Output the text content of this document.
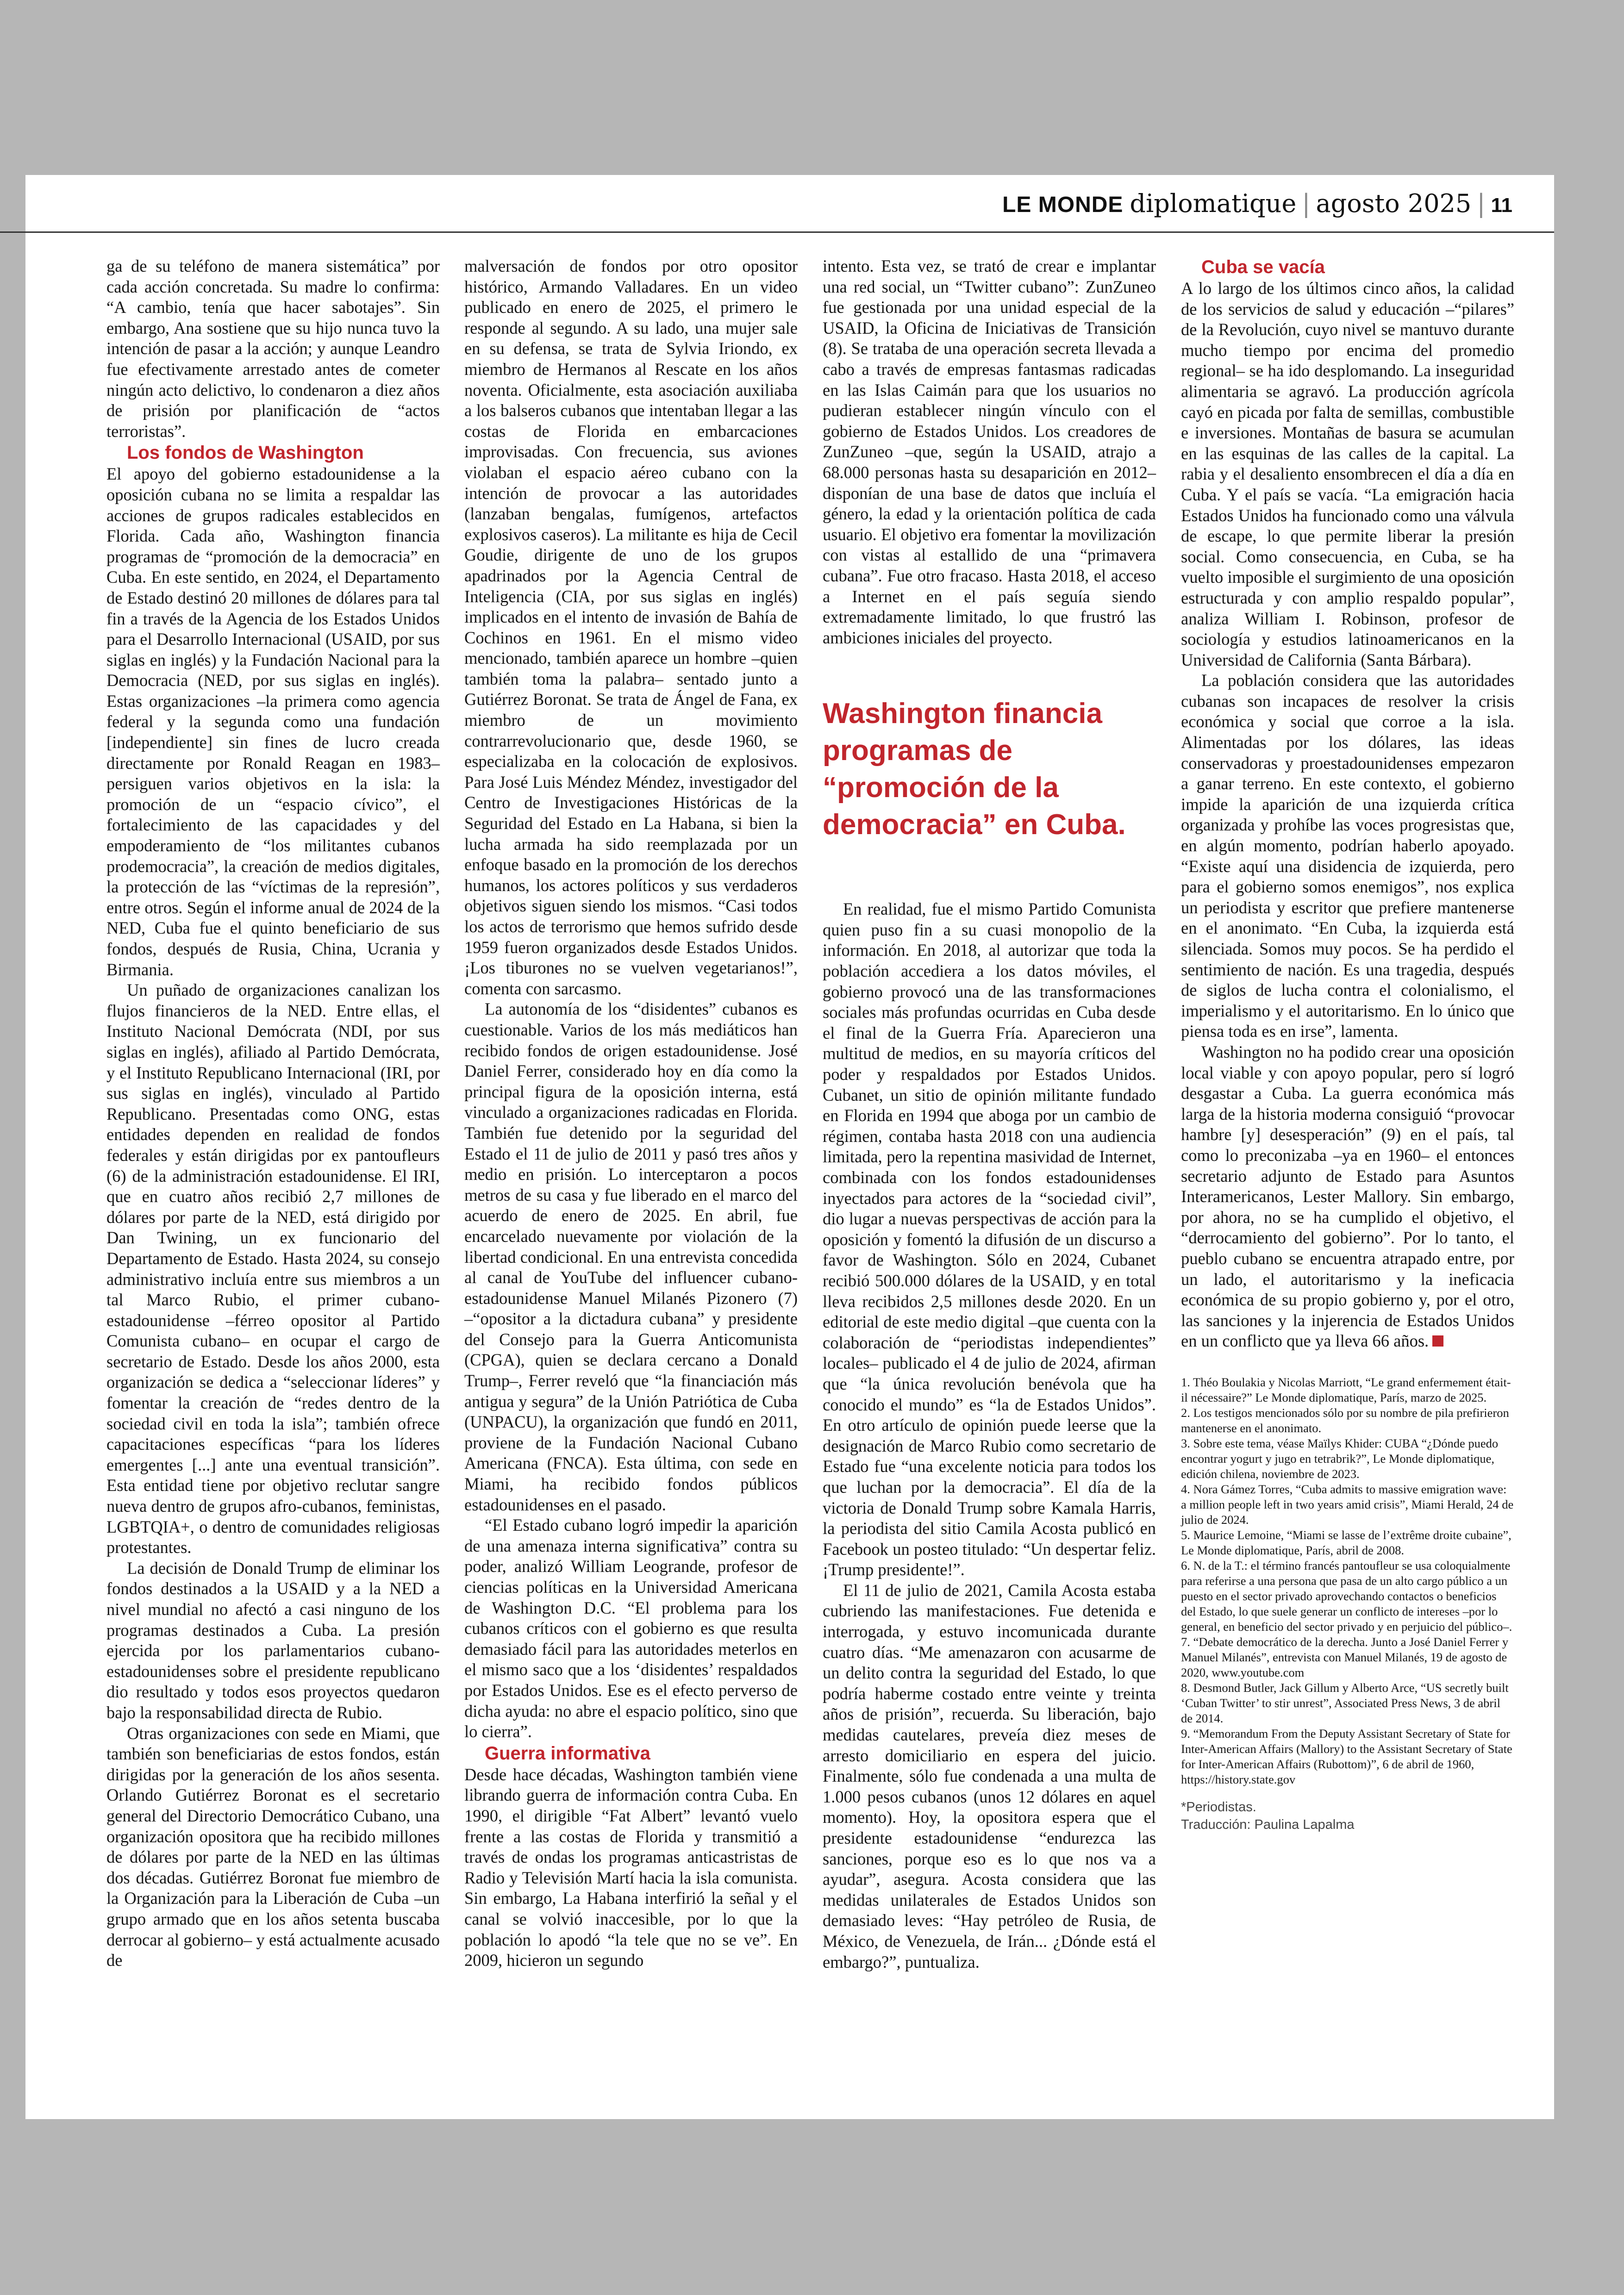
LE MONDE diplomatique | agosto 2025 | 11

ga de su teléfono de manera sistemática” por cada acción concretada. Su madre lo confirma: “A cambio, tenía que hacer sabotajes”. Sin embargo, Ana sostiene que su hijo nunca tuvo la intención de pasar a la acción; y aunque Leandro fue efectivamente arrestado antes de cometer ningún acto delictivo, lo condenaron a diez años de prisión por planificación de “actos terroristas”.

Los fondos de Washington

El apoyo del gobierno estadounidense a la oposición cubana no se limita a respaldar las acciones de grupos radicales establecidos en Florida. Cada año, Washington financia programas de “promoción de la democracia” en Cuba. En este sentido, en 2024, el Departamento de Estado destinó 20 millones de dólares para tal fin a través de la Agencia de los Estados Unidos para el Desarrollo Internacional (USAID, por sus siglas en inglés) y la Fundación Nacional para la Democracia (NED, por sus siglas en inglés). Estas organizaciones –la primera como agencia federal y la segunda como una fundación [independiente] sin fines de lucro creada directamente por Ronald Reagan en 1983– persiguen varios objetivos en la isla: la promoción de un “espacio cívico”, el fortalecimiento de las capacidades y del empoderamiento de “los militantes cubanos prodemocracia”, la creación de medios digitales, la protección de las “víctimas de la represión”, entre otros. Según el informe anual de 2024 de la NED, Cuba fue el quinto beneficiario de sus fondos, después de Rusia, China, Ucrania y Birmania.

Un puñado de organizaciones canalizan los flujos financieros de la NED. Entre ellas, el Instituto Nacional Demócrata (NDI, por sus siglas en inglés), afiliado al Partido Demócrata, y el Instituto Republicano Internacional (IRI, por sus siglas en inglés), vinculado al Partido Republicano. Presentadas como ONG, estas entidades dependen en realidad de fondos federales y están dirigidas por ex pantoufleurs (6) de la administración estadounidense. El IRI, que en cuatro años recibió 2,7 millones de dólares por parte de la NED, está dirigido por Dan Twining, un ex funcionario del Departamento de Estado. Hasta 2024, su consejo administrativo incluía entre sus miembros a un tal Marco Rubio, el primer cubano-estadounidense –férreo opositor al Partido Comunista cubano– en ocupar el cargo de secretario de Estado. Desde los años 2000, esta organización se dedica a “seleccionar líderes” y fomentar la creación de “redes dentro de la sociedad civil en toda la isla”; también ofrece capacitaciones específicas “para los líderes emergentes [...] ante una eventual transición”. Esta entidad tiene por objetivo reclutar sangre nueva dentro de grupos afro-cubanos, feministas, LGBTQIA+, o dentro de comunidades religiosas protestantes.

La decisión de Donald Trump de eliminar los fondos destinados a la USAID y a la NED a nivel mundial no afectó a casi ninguno de los programas destinados a Cuba. La presión ejercida por los parlamentarios cubano-estadounidenses sobre el presidente republicano dio resultado y todos esos proyectos quedaron bajo la responsabilidad directa de Rubio.

Otras organizaciones con sede en Miami, que también son beneficiarias de estos fondos, están dirigidas por la generación de los años sesenta. Orlando Gutiérrez Boronat es el secretario general del Directorio Democrático Cubano, una organización opositora que ha recibido millones de dólares por parte de la NED en las últimas dos décadas. Gutiérrez Boronat fue miembro de la Organización para la Liberación de Cuba –un grupo armado que en los años setenta buscaba derrocar al gobierno– y está actualmente acusado de

malversación de fondos por otro opositor histórico, Armando Valladares. En un video publicado en enero de 2025, el primero le responde al segundo. A su lado, una mujer sale en su defensa, se trata de Sylvia Iriondo, ex miembro de Hermanos al Rescate en los años noventa. Oficialmente, esta asociación auxiliaba a los balseros cubanos que intentaban llegar a las costas de Florida en embarcaciones improvisadas. Con frecuencia, sus aviones violaban el espacio aéreo cubano con la intención de provocar a las autoridades (lanzaban bengalas, fumígenos, artefactos explosivos caseros). La militante es hija de Cecil Goudie, dirigente de uno de los grupos apadrinados por la Agencia Central de Inteligencia (CIA, por sus siglas en inglés) implicados en el intento de invasión de Bahía de Cochinos en 1961. En el mismo video mencionado, también aparece un hombre –quien también toma la palabra– sentado junto a Gutiérrez Boronat. Se trata de Ángel de Fana, ex miembro de un movimiento contrarrevolucionario que, desde 1960, se especializaba en la colocación de explosivos. Para José Luis Méndez Méndez, investigador del Centro de Investigaciones Históricas de la Seguridad del Estado en La Habana, si bien la lucha armada ha sido reemplazada por un enfoque basado en la promoción de los derechos humanos, los actores políticos y sus verdaderos objetivos siguen siendo los mismos. “Casi todos los actos de terrorismo que hemos sufrido desde 1959 fueron organizados desde Estados Unidos. ¡Los tiburones no se vuelven vegetarianos!”, comenta con sarcasmo.

La autonomía de los “disidentes” cubanos es cuestionable. Varios de los más mediáticos han recibido fondos de origen estadounidense. José Daniel Ferrer, considerado hoy en día como la principal figura de la oposición interna, está vinculado a organizaciones radicadas en Florida. También fue detenido por la seguridad del Estado el 11 de julio de 2011 y pasó tres años y medio en prisión. Lo interceptaron a pocos metros de su casa y fue liberado en el marco del acuerdo de enero de 2025. En abril, fue encarcelado nuevamente por violación de la libertad condicional. En una entrevista concedida al canal de YouTube del influencer cubano-estadounidense Manuel Milanés Pizonero (7) –“opositor a la dictadura cubana” y presidente del Consejo para la Guerra Anticomunista (CPGA), quien se declara cercano a Donald Trump–, Ferrer reveló que “la financiación más antigua y segura” de la Unión Patriótica de Cuba (UNPACU), la organización que fundó en 2011, proviene de la Fundación Nacional Cubano Americana (FNCA). Esta última, con sede en Miami, ha recibido fondos públicos estadounidenses en el pasado.

“El Estado cubano logró impedir la aparición de una amenaza interna significativa” contra su poder, analizó William Leogrande, profesor de ciencias políticas en la Universidad Americana de Washington D.C. “El problema para los cubanos críticos con el gobierno es que resulta demasiado fácil para las autoridades meterlos en el mismo saco que a los ‘disidentes’ respaldados por Estados Unidos. Ese es el efecto perverso de dicha ayuda: no abre el espacio político, sino que lo cierra”.

Guerra informativa

Desde hace décadas, Washington también viene librando guerra de información contra Cuba. En 1990, el dirigible “Fat Albert” levantó vuelo frente a las costas de Florida y transmitió a través de ondas los programas anticastristas de Radio y Televisión Martí hacia la isla comunista. Sin embargo, La Habana interfirió la señal y el canal se volvió inaccesible, por lo que la población lo apodó “la tele que no se ve”. En 2009, hicieron un segundo

intento. Esta vez, se trató de crear e implantar una red social, un “Twitter cubano”: ZunZuneo fue gestionada por una unidad especial de la USAID, la Oficina de Iniciativas de Transición (8). Se trataba de una operación secreta llevada a cabo a través de empresas fantasmas radicadas en las Islas Caimán para que los usuarios no pudieran establecer ningún vínculo con el gobierno de Estados Unidos. Los creadores de ZunZuneo –que, según la USAID, atrajo a 68.000 personas hasta su desaparición en 2012– disponían de una base de datos que incluía el género, la edad y la orientación política de cada usuario. El objetivo era fomentar la movilización con vistas al estallido de una “primavera cubana”. Fue otro fracaso. Hasta 2018, el acceso a Internet en el país seguía siendo extremadamente limitado, lo que frustró las ambiciones iniciales del proyecto.

Washington financia programas de “promoción de la democracia” en Cuba.

En realidad, fue el mismo Partido Comunista quien puso fin a su cuasi monopolio de la información. En 2018, al autorizar que toda la población accediera a los datos móviles, el gobierno provocó una de las transformaciones sociales más profundas ocurridas en Cuba desde el final de la Guerra Fría. Aparecieron una multitud de medios, en su mayoría críticos del poder y respaldados por Estados Unidos. Cubanet, un sitio de opinión militante fundado en Florida en 1994 que aboga por un cambio de régimen, contaba hasta 2018 con una audiencia limitada, pero la repentina masividad de Internet, combinada con los fondos estadounidenses inyectados para actores de la “sociedad civil”, dio lugar a nuevas perspectivas de acción para la oposición y fomentó la difusión de un discurso a favor de Washington. Sólo en 2024, Cubanet recibió 500.000 dólares de la USAID, y en total lleva recibidos 2,5 millones desde 2020. En un editorial de este medio digital –que cuenta con la colaboración de “periodistas independientes” locales– publicado el 4 de julio de 2024, afirman que “la única revolución benévola que ha conocido el mundo” es “la de Estados Unidos”. En otro artículo de opinión puede leerse que la designación de Marco Rubio como secretario de Estado fue “una excelente noticia para todos los que luchan por la democracia”. El día de la victoria de Donald Trump sobre Kamala Harris, la periodista del sitio Camila Acosta publicó en Facebook un posteo titulado: “Un despertar feliz. ¡Trump presidente!”.

El 11 de julio de 2021, Camila Acosta estaba cubriendo las manifestaciones. Fue detenida e interrogada, y estuvo incomunicada durante cuatro días. “Me amenazaron con acusarme de un delito contra la seguridad del Estado, lo que podría haberme costado entre veinte y treinta años de prisión”, recuerda. Su liberación, bajo medidas cautelares, preveía diez meses de arresto domiciliario en espera del juicio. Finalmente, sólo fue condenada a una multa de 1.000 pesos cubanos (unos 12 dólares en aquel momento). Hoy, la opositora espera que el presidente estadounidense “endurezca las sanciones, porque eso es lo que nos va a ayudar”, asegura. Acosta considera que las medidas unilaterales de Estados Unidos son demasiado leves: “Hay petróleo de Rusia, de México, de Venezuela, de Irán... ¿Dónde está el embargo?”, puntualiza.

Cuba se vacía

A lo largo de los últimos cinco años, la calidad de los servicios de salud y educación –“pilares” de la Revolución, cuyo nivel se mantuvo durante mucho tiempo por encima del promedio regional– se ha ido desplomando. La inseguridad alimentaria se agravó. La producción agrícola cayó en picada por falta de semillas, combustible e inversiones. Montañas de basura se acumulan en las esquinas de las calles de la capital. La rabia y el desaliento ensombrecen el día a día en Cuba. Y el país se vacía. “La emigración hacia Estados Unidos ha funcionado como una válvula de escape, lo que permite liberar la presión social. Como consecuencia, en Cuba, se ha vuelto imposible el surgimiento de una oposición estructurada y con amplio respaldo popular”, analiza William I. Robinson, profesor de sociología y estudios latinoamericanos en la Universidad de California (Santa Bárbara).

La población considera que las autoridades cubanas son incapaces de resolver la crisis económica y social que corroe a la isla. Alimentadas por los dólares, las ideas conservadoras y proestadounidenses empezaron a ganar terreno. En este contexto, el gobierno impide la aparición de una izquierda crítica organizada y prohíbe las voces progresistas que, en algún momento, podrían haberlo apoyado. “Existe aquí una disidencia de izquierda, pero para el gobierno somos enemigos”, nos explica un periodista y escritor que prefiere mantenerse en el anonimato. “En Cuba, la izquierda está silenciada. Somos muy pocos. Se ha perdido el sentimiento de nación. Es una tragedia, después de siglos de lucha contra el colonialismo, el imperialismo y el autoritarismo. En lo único que piensa toda es en irse”, lamenta.

Washington no ha podido crear una oposición local viable y con apoyo popular, pero sí logró desgastar a Cuba. La guerra económica más larga de la historia moderna consiguió “provocar hambre [y] desesperación” (9) en el país, tal como lo preconizaba –ya en 1960– el entonces secretario adjunto de Estado para Asuntos Interamericanos, Lester Mallory. Sin embargo, por ahora, no se ha cumplido el objetivo, el “derrocamiento del gobierno”. Por lo tanto, el pueblo cubano se encuentra atrapado entre, por un lado, el autoritarismo y la ineficacia económica de su propio gobierno y, por el otro, las sanciones y la injerencia de Estados Unidos en un conflicto que ya lleva 66 años.

1. Théo Boulakia y Nicolas Marriott, “Le grand enfermement était-il nécessaire?” Le Monde diplomatique, París, marzo de 2025.
2. Los testigos mencionados sólo por su nombre de pila prefirieron mantenerse en el anonimato.
3. Sobre este tema, véase Maïlys Khider: CUBA “¿Dónde puedo encontrar yogurt y jugo en tetrabrik?”, Le Monde diplomatique, edición chilena, noviembre de 2023.
4. Nora Gámez Torres, “Cuba admits to massive emigration wave: a million people left in two years amid crisis”, Miami Herald, 24 de julio de 2024.
5. Maurice Lemoine, “Miami se lasse de l’extrême droite cubaine”, Le Monde diplomatique, París, abril de 2008.
6. N. de la T.: el término francés pantoufleur se usa coloquialmente para referirse a una persona que pasa de un alto cargo público a un puesto en el sector privado aprovechando contactos o beneficios del Estado, lo que suele generar un conflicto de intereses –por lo general, en beneficio del sector privado y en perjuicio del público–.
7. “Debate democrático de la derecha. Junto a José Daniel Ferrer y Manuel Milanés”, entrevista con Manuel Milanés, 19 de agosto de 2020, www.youtube.com
8. Desmond Butler, Jack Gillum y Alberto Arce, “US secretly built ‘Cuban Twitter’ to stir unrest”, Associated Press News, 3 de abril de 2014.
9. “Memorandum From the Deputy Assistant Secretary of State for Inter-American Affairs (Mallory) to the Assistant Secretary of State for Inter-American Affairs (Rubottom)”, 6 de abril de 1960, https://history.state.gov
*Periodistas.
Traducción: Paulina Lapalma
